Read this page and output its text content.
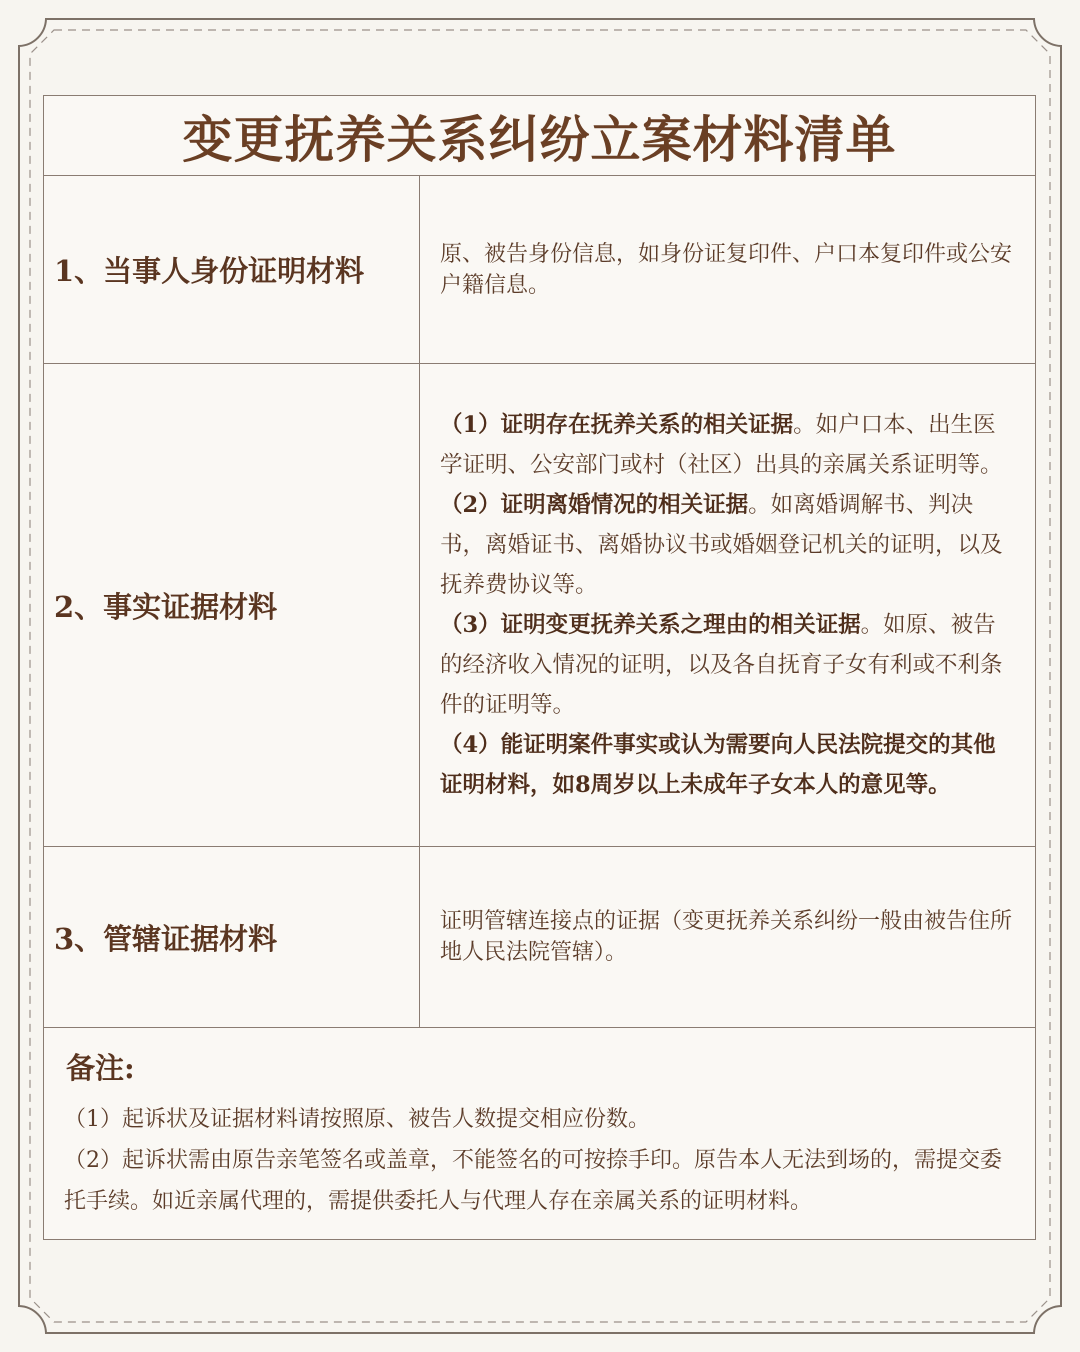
变更抚养关系纠纷立案材料清单
1、当事人身份证明材料	原、被告身份信息，如身份证复印件、户口本复印件或公安户籍信息。
2、事实证据材料
（1）证明存在抚养关系的相关证据。如户口本、出生医学证明、公安部门或村（社区）出具的亲属关系证明等。
（2）证明离婚情况的相关证据。如离婚调解书、判决书，离婚证书、离婚协议书或婚姻登记机关的证明，以及抚养费协议等。
（3）证明变更抚养关系之理由的相关证据。如原、被告的经济收入情况的证明，以及各自抚育子女有利或不利条件的证明等。
（4）能证明案件事实或认为需要向人民法院提交的其他证明材料，如8周岁以上未成年子女本人的意见等。
3、管辖证据材料	证明管辖连接点的证据（变更抚养关系纠纷一般由被告住所地人民法院管辖）。
备注:

（1）起诉状及证据材料请按照原、被告人数提交相应份数。

（2）起诉状需由原告亲笔签名或盖章，不能签名的可按捺手印。原告本人无法到场的，需提交委托手续。如近亲属代理的，需提供委托人与代理人存在亲属关系的证明材料。
